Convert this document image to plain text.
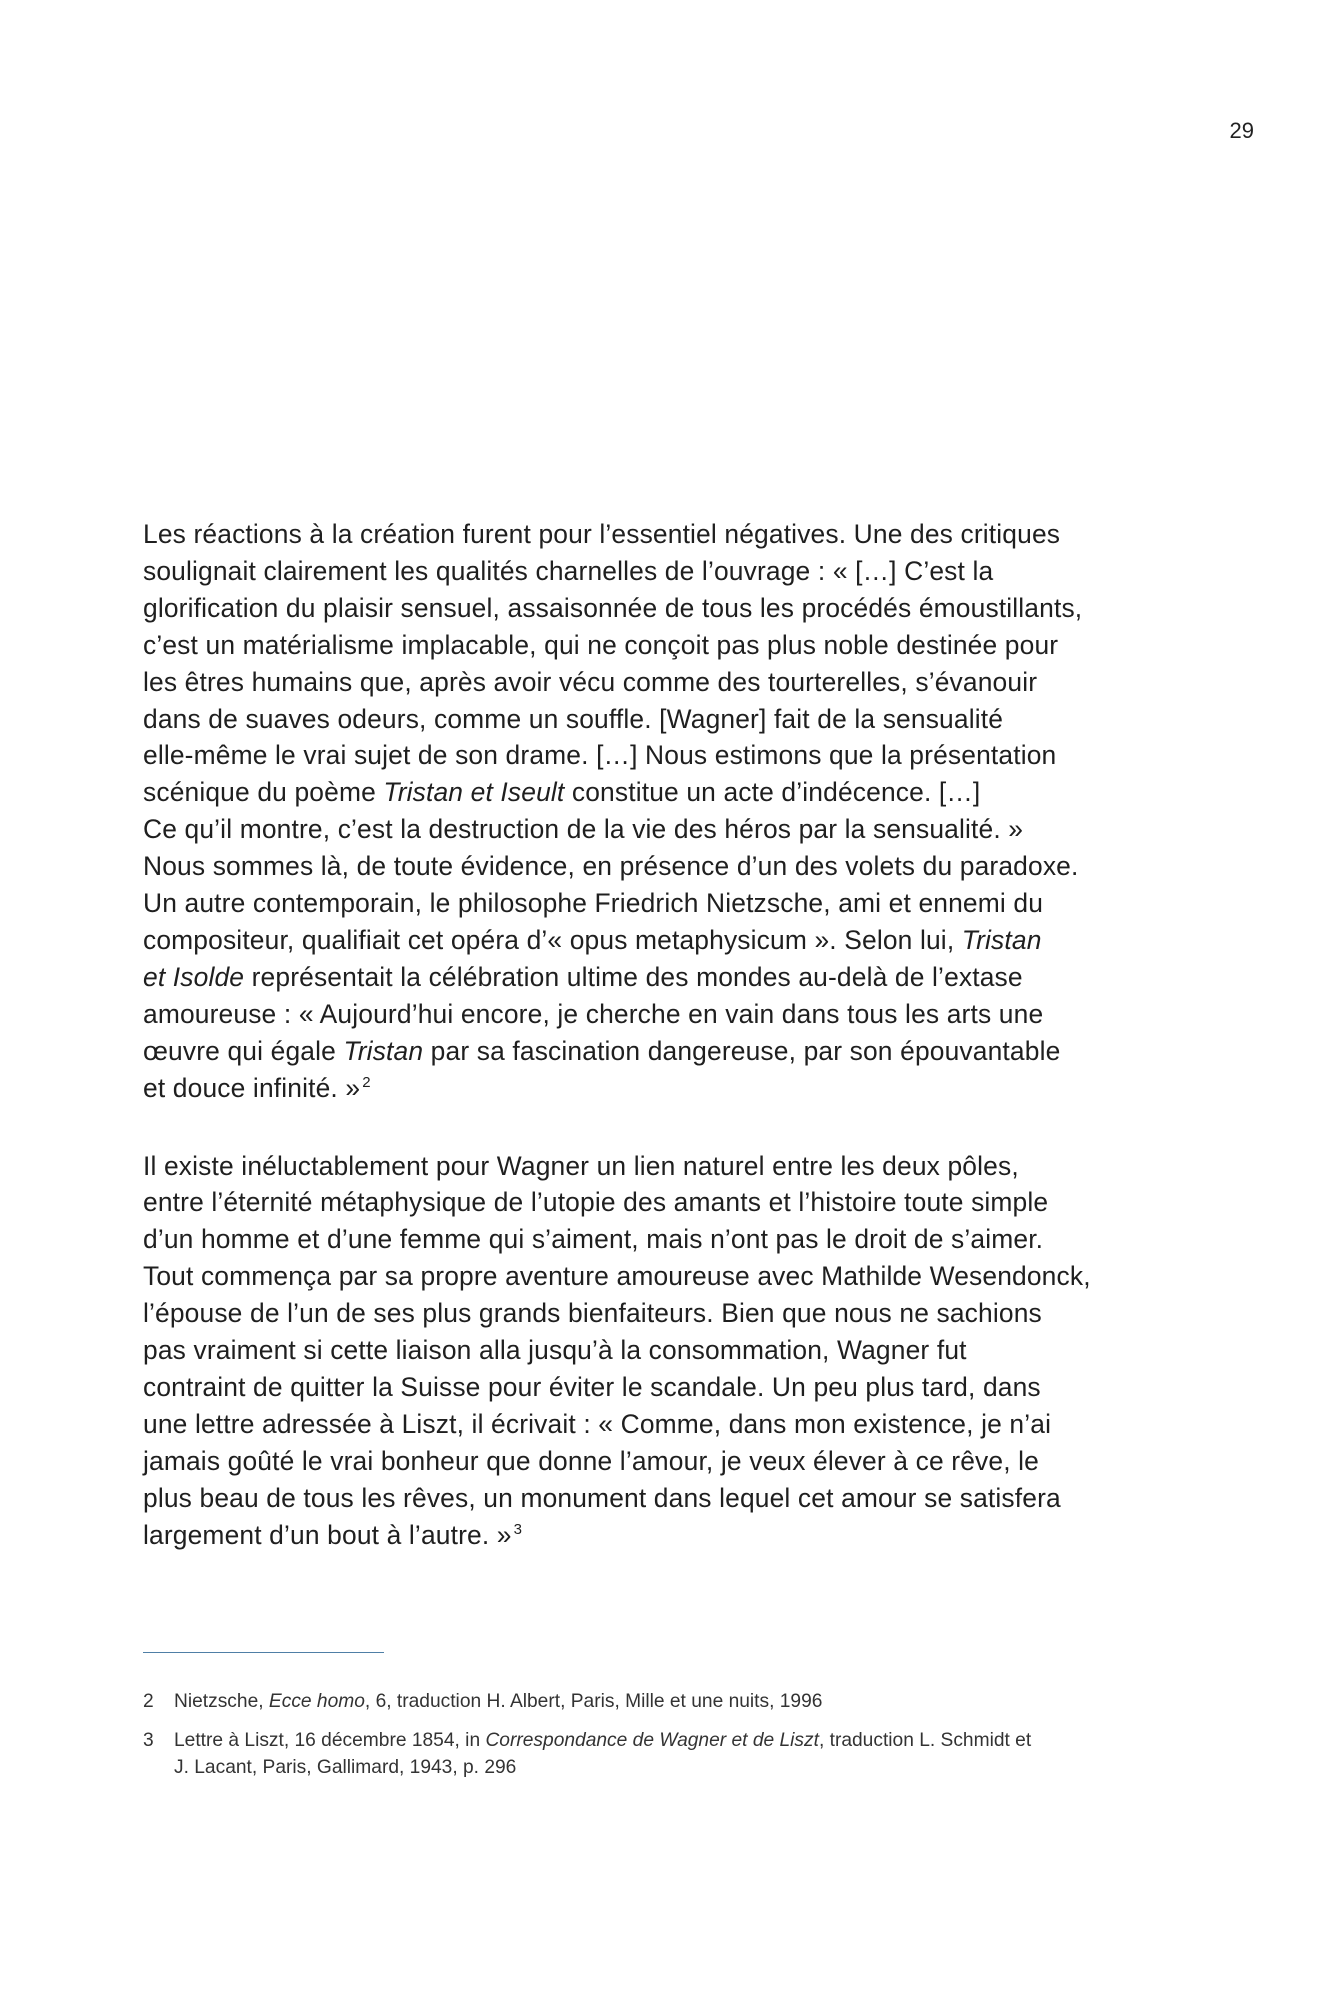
29

Les réactions à la création furent pour l’essentiel négatives. Une des critiques
soulignait clairement les qualités charnelles de l’ouvrage : « […] C’est la
glorification du plaisir sensuel, assaisonnée de tous les procédés émoustillants,
c’est un matérialisme implacable, qui ne conçoit pas plus noble destinée pour
les êtres humains que, après avoir vécu comme des tourterelles, s’évanouir
dans de suaves odeurs, comme un souffle. [Wagner] fait de la sensualité
elle-même le vrai sujet de son drame. […] Nous estimons que la présentation
scénique du poème Tristan et Iseult constitue un acte d’indécence. […]
Ce qu’il montre, c’est la destruction de la vie des héros par la sensualité. »
Nous sommes là, de toute évidence, en présence d’un des volets du paradoxe.
Un autre contemporain, le philosophe Friedrich Nietzsche, ami et ennemi du
compositeur, qualifiait cet opéra d’« opus metaphysicum ». Selon lui, Tristan
et Isolde représentait la célébration ultime des mondes au-delà de l’extase
amoureuse : « Aujourd’hui encore, je cherche en vain dans tous les arts une
œuvre qui égale Tristan par sa fascination dangereuse, par son épouvantable
et douce infinité. » $^2$

Il existe inéluctablement pour Wagner un lien naturel entre les deux pôles,
entre l’éternité métaphysique de l’utopie des amants et l’histoire toute simple
d’un homme et d’une femme qui s’aiment, mais n’ont pas le droit de s’aimer.
Tout commença par sa propre aventure amoureuse avec Mathilde Wesendonck,
l’épouse de l’un de ses plus grands bienfaiteurs. Bien que nous ne sachions
pas vraiment si cette liaison alla jusqu’à la consommation, Wagner fut
contraint de quitter la Suisse pour éviter le scandale. Un peu plus tard, dans
une lettre adressée à Liszt, il écrivait : « Comme, dans mon existence, je n’ai
jamais goûté le vrai bonheur que donne l’amour, je veux élever à ce rêve, le
plus beau de tous les rêves, un monument dans lequel cet amour se satisfera
largement d’un bout à l’autre. » $^3$

2 Nietzsche, Ecce homo, 6, traduction H. Albert, Paris, Mille et une nuits, 1996
3 Lettre à Liszt, 16 décembre 1854, in Correspondance de Wagner et de Liszt, traduction L. Schmidt et
J. Lacant, Paris, Gallimard, 1943, p. 296
